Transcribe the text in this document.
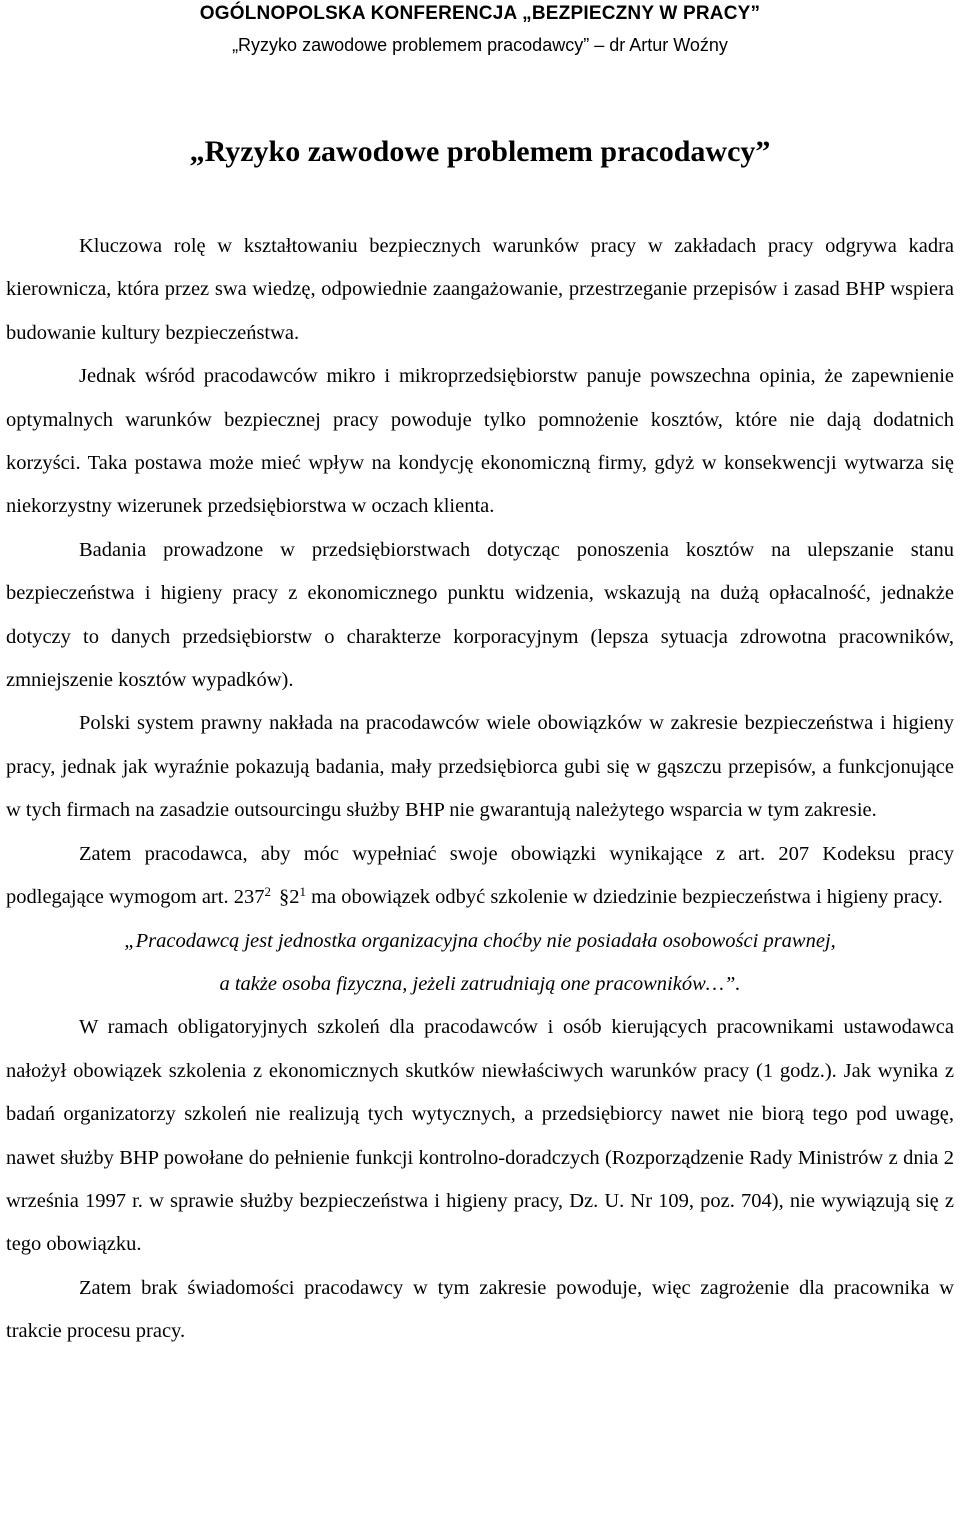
OGÓLNOPOLSKA KONFERENCJA „BEZPIECZNY W PRACY”
„Ryzyko zawodowe problemem pracodawcy” – dr Artur Woźny
„Ryzyko zawodowe problemem pracodawcy”

Kluczowa rolę w kształtowaniu bezpiecznych warunków pracy w zakładach pracy odgrywa kadra kierownicza, która przez swa wiedzę, odpowiednie zaangażowanie, przestrzeganie przepisów i zasad BHP wspiera budowanie kultury bezpieczeństwa.

Jednak wśród pracodawców mikro i mikroprzedsiębiorstw panuje powszechna opinia, że zapewnienie optymalnych warunków bezpiecznej pracy powoduje tylko pomnożenie kosztów, które nie dają dodatnich korzyści. Taka postawa może mieć wpływ na kondycję ekonomiczną firmy, gdyż w konsekwencji wytwarza się niekorzystny wizerunek przedsiębiorstwa w oczach klienta.

Badania prowadzone w przedsiębiorstwach dotycząc ponoszenia kosztów na ulepszanie stanu bezpieczeństwa i higieny pracy z ekonomicznego punktu widzenia, wskazują na dużą opłacalność, jednakże dotyczy to danych przedsiębiorstw o charakterze korporacyjnym (lepsza sytuacja zdrowotna pracowników, zmniejszenie kosztów wypadków).

Polski system prawny nakłada na pracodawców wiele obowiązków w zakresie bezpieczeństwa i higieny pracy, jednak jak wyraźnie pokazują badania, mały przedsiębiorca gubi się w gąszczu przepisów, a funkcjonujące w tych firmach na zasadzie outsourcingu służby BHP nie gwarantują należytego wsparcia w tym zakresie.

Zatem pracodawca, aby móc wypełniać swoje obowiązki wynikające z art. 207 Kodeksu pracy podlegające wymogom art. $237^2$ $\S 2^1$ ma obowiązek odbyć szkolenie w dziedzinie bezpieczeństwa i higieny pracy.

„Pracodawcą jest jednostka organizacyjna choćby nie posiadała osobowości prawnej,

a także osoba fizyczna, jeżeli zatrudniają one pracowników…”.

W ramach obligatoryjnych szkoleń dla pracodawców i osób kierujących pracownikami ustawodawca nałożył obowiązek szkolenia z ekonomicznych skutków niewłaściwych warunków pracy (1 godz.). Jak wynika z badań organizatorzy szkoleń nie realizują tych wytycznych, a przedsiębiorcy nawet nie biorą tego pod uwagę, nawet służby BHP powołane do pełnienie funkcji kontrolno-doradczych (Rozporządzenie Rady Ministrów z dnia 2 września 1997 r. w sprawie służby bezpieczeństwa i higieny pracy, Dz. U. Nr 109, poz. 704), nie wywiązują się z tego obowiązku.

Zatem brak świadomości pracodawcy w tym zakresie powoduje, więc zagrożenie dla pracownika w trakcie procesu pracy.
